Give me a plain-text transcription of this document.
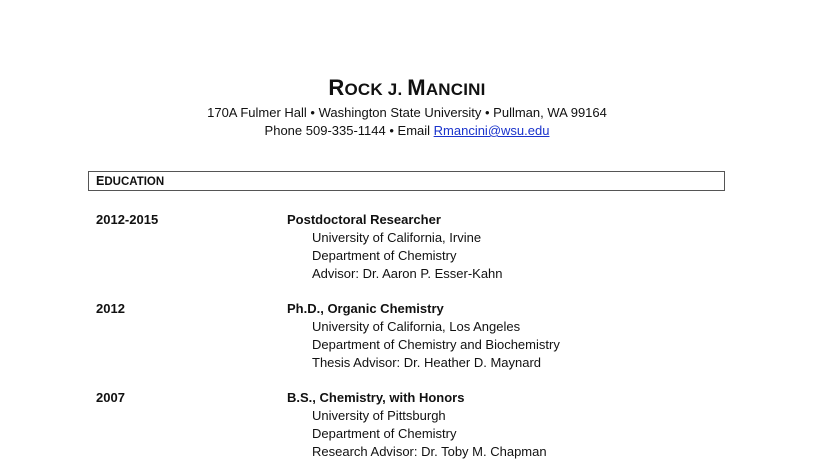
ROCK J. MANCINI
170A Fulmer Hall • Washington State University • Pullman, WA 99164
Phone 509-335-1144 • Email Rmancini@wsu.edu
EDUCATION
2012-2015	Postdoctoral Researcher
University of California, Irvine
Department of Chemistry
Advisor: Dr. Aaron P. Esser-Kahn
2012	Ph.D., Organic Chemistry
University of California, Los Angeles
Department of Chemistry and Biochemistry
Thesis Advisor: Dr. Heather D. Maynard
2007	B.S., Chemistry, with Honors
University of Pittsburgh
Department of Chemistry
Research Advisor: Dr. Toby M. Chapman
